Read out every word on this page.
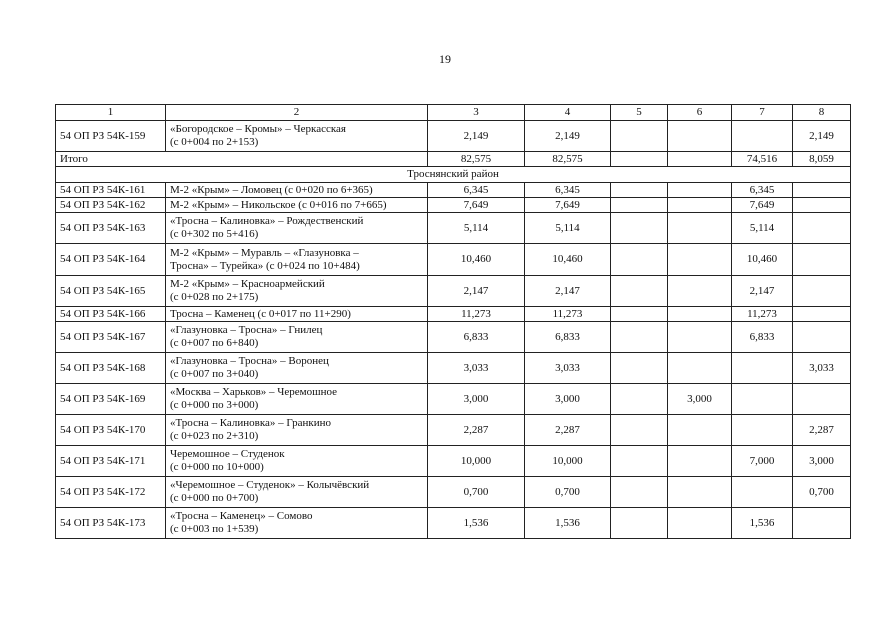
19
1	2	3	4	5	6	7	8
54 ОП РЗ 54К-159	«Богородское – Кромы» – Черкасская
(с 0+004 по 2+153)	2,149	2,149				2,149
Итого		82,575	82,575			74,516	8,059
Троснянский район							
54 ОП РЗ 54К-161	М-2 «Крым» – Ломовец (с 0+020 по 6+365)	6,345	6,345			6,345	
54 ОП РЗ 54К-162	М-2 «Крым» – Никольское (с 0+016 по 7+665)	7,649	7,649			7,649	
54 ОП РЗ 54К-163	«Тросна – Калиновка» – Рождественский
(с 0+302 по 5+416)	5,114	5,114			5,114	
54 ОП РЗ 54К-164	М-2 «Крым» – Муравль – «Глазуновка –
Тросна» – Турейка» (с 0+024 по 10+484)	10,460	10,460			10,460	
54 ОП РЗ 54К-165	М-2 «Крым» – Красноармейский
(с 0+028 по 2+175)	2,147	2,147			2,147	
54 ОП РЗ 54К-166	Тросна – Каменец (с 0+017 по 11+290)	11,273	11,273			11,273	
54 ОП РЗ 54К-167	«Глазуновка – Тросна» – Гнилец
(с 0+007 по 6+840)	6,833	6,833			6,833	
54 ОП РЗ 54К-168	«Глазуновка – Тросна» – Воронец
(с 0+007 по 3+040)	3,033	3,033				3,033
54 ОП РЗ 54К-169	«Москва – Харьков» – Черемошное
(с 0+000 по 3+000)	3,000	3,000		3,000		
54 ОП РЗ 54К-170	«Тросна – Калиновка» – Гранкино
(с 0+023 по 2+310)	2,287	2,287				2,287
54 ОП РЗ 54К-171	Черемошное – Студенок
(с 0+000 по 10+000)	10,000	10,000			7,000	3,000
54 ОП РЗ 54К-172	«Черемошное – Студенок» – Колычёвский
(с 0+000 по 0+700)	0,700	0,700				0,700
54 ОП РЗ 54К-173	«Тросна – Каменец» – Сомово
(с 0+003 по 1+539)	1,536	1,536			1,536	
